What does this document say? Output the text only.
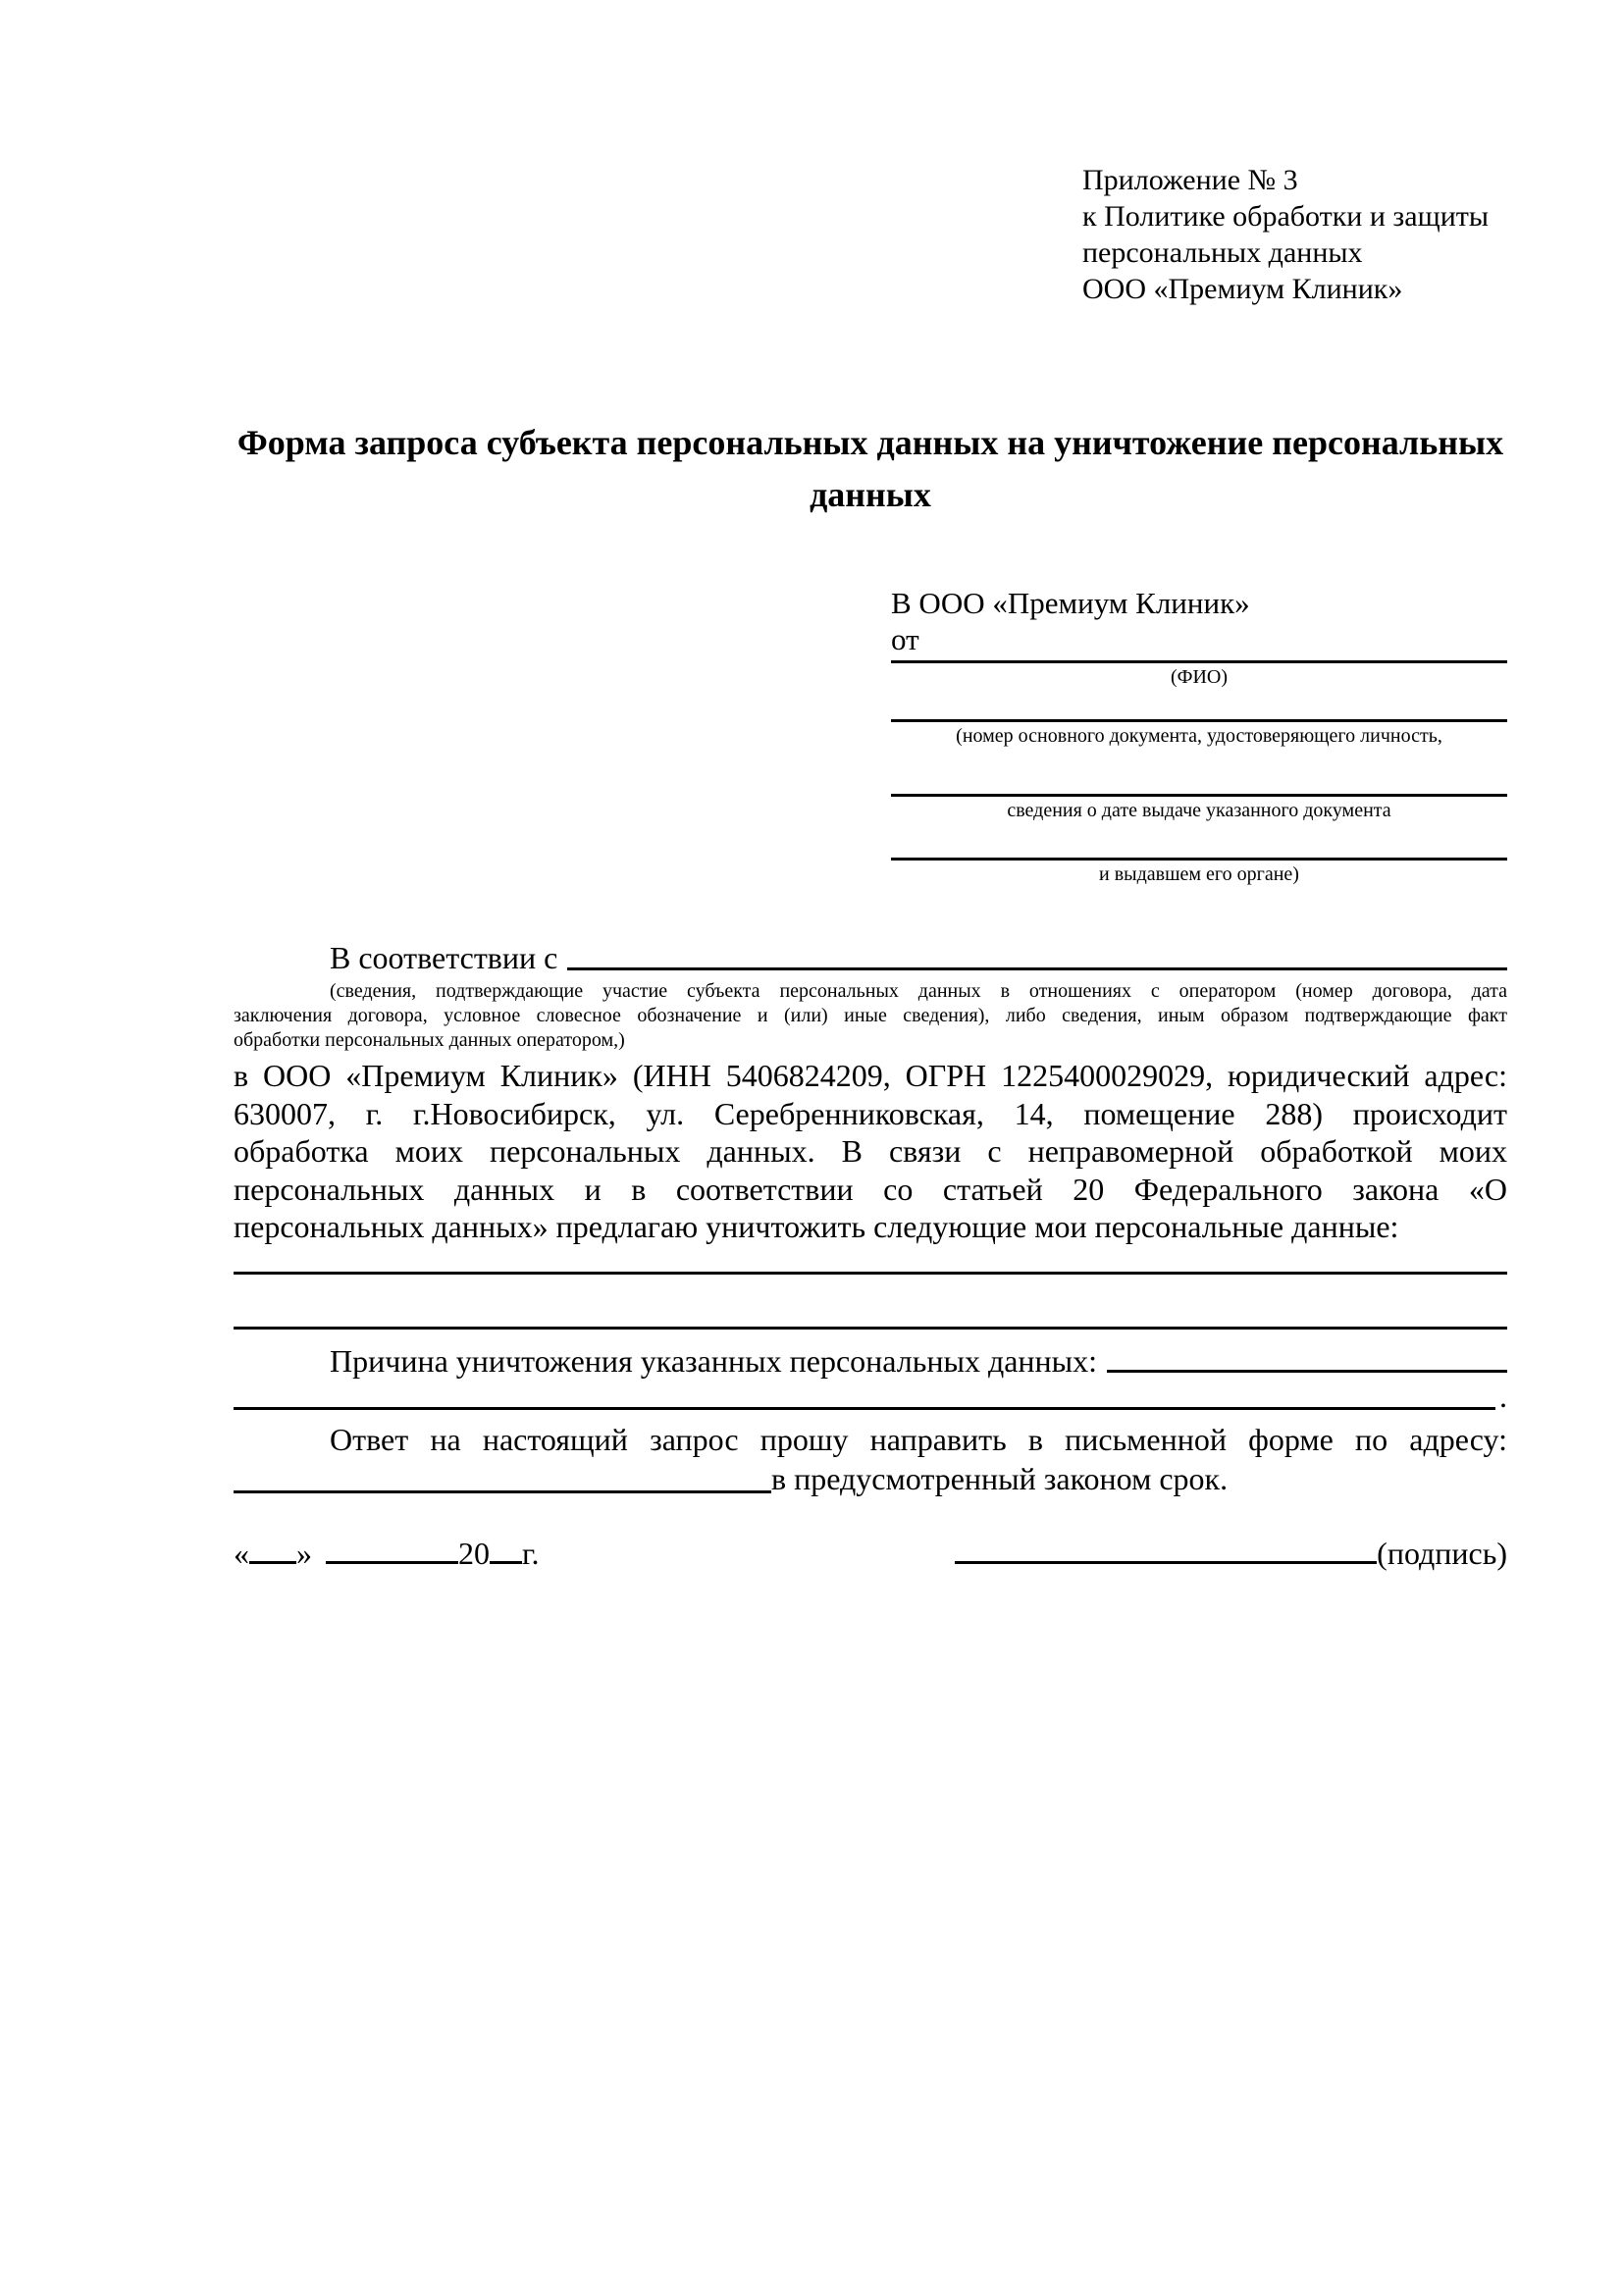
Приложение № 3
к Политике обработки и защиты
персональных данных
ООО «Премиум Клиник»
Форма запроса субъекта персональных данных на уничтожение персональных данных
В ООО «Премиум Клиник»
от
(ФИО)
(номер основного документа, удостоверяющего личность,
сведения о дате выдаче указанного документа
и выдавшем его органе)
В соответствии с
(сведения, подтверждающие участие субъекта персональных данных в отношениях с оператором (номер договора, дата
заключения договора, условное словесное обозначение и (или) иные сведения), либо сведения, иным образом подтверждающие факт
обработки персональных данных оператором,)
в ООО «Премиум Клиник» (ИНН 5406824209, ОГРН 1225400029029, юридический адрес:
630007, г. г.Новосибирск, ул. Серебренниковская, 14, помещение 288) происходит
обработка моих персональных данных. В связи с неправомерной обработкой моих
персональных данных и в соответствии со статьей 20 Федерального закона «О
персональных данных» предлагаю уничтожить следующие мои персональные данные:
Причина уничтожения указанных персональных данных:
.
Ответ на настоящий запрос прошу направить в письменной форме по адресу:
в предусмотренный законом срок.
« »	20 г.	(подпись)
